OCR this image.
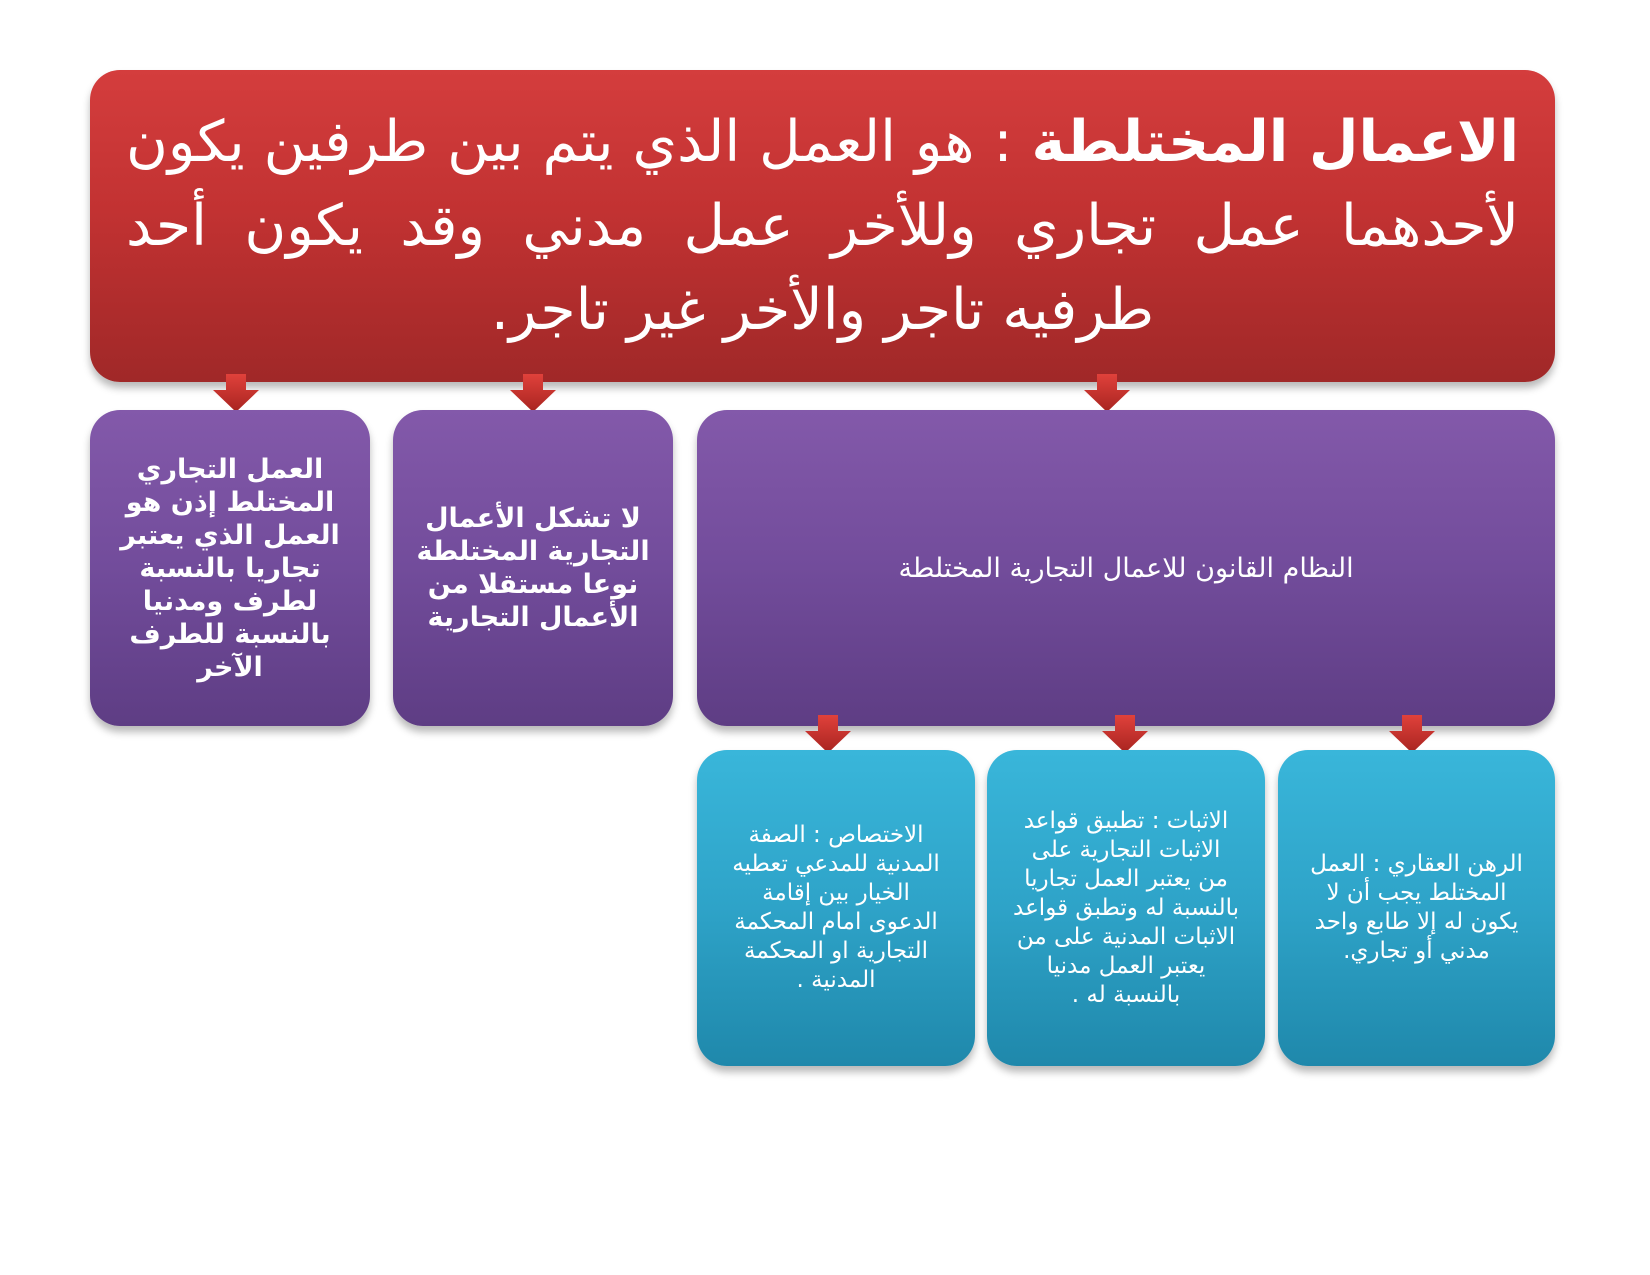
الاعمال المختلطة : هو العمل الذي يتم بين طرفين يكون لأحدهما عمل تجاري وللأخر عمل مدني وقد يكون أحد طرفيه تاجر والأخر غير تاجر.
العمل التجاري
المختلط إذن هو
العمل الذي يعتبر
تجاريا بالنسبة
لطرف ومدنيا
بالنسبة للطرف
الآخر
لا تشكل الأعمال
التجارية المختلطة
نوعا مستقلا من
الأعمال التجارية
النظام القانون للاعمال التجارية المختلطة
الاختصاص : الصفة
المدنية للمدعي تعطيه
الخيار بين إقامة
الدعوى امام المحكمة
التجارية او المحكمة
المدنية .
الاثبات : تطبيق قواعد
الاثبات التجارية على
من يعتبر العمل تجاريا
بالنسبة له وتطبق قواعد
الاثبات المدنية على من
يعتبر العمل مدنيا
بالنسبة له .
الرهن العقاري : العمل
المختلط يجب أن لا
يكون له إلا طابع واحد
مدني أو تجاري.
